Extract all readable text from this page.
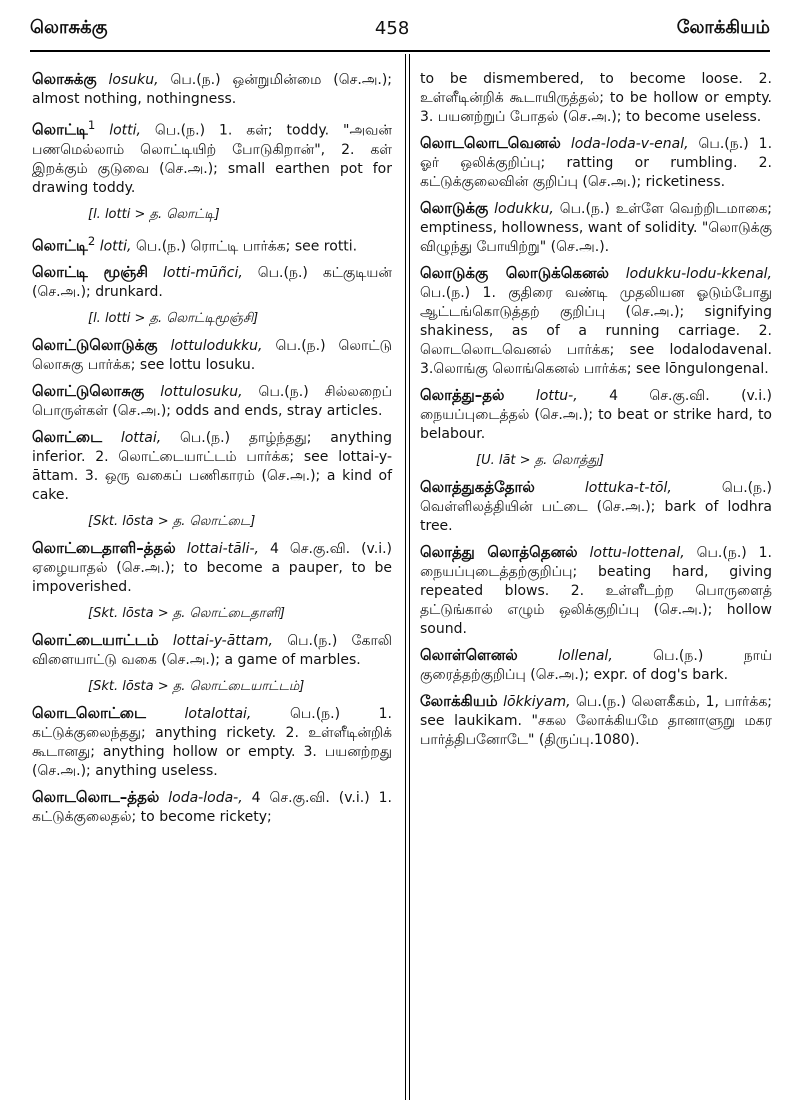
லொசுக்கு	458	லோக்கியம்
லொசுக்கு losuku, பெ.(ந.) ஒன்றுமின்மை (செ.அ.); almost nothing, nothingness.
லொட்டி$^1$ lotti, பெ.(ந.) 1. கள்; toddy. "அவன் பணமெல்லாம் லொட்டியிற் போடுகிறான்", 2. கள் இறக்கும் குடுவை (செ.அ.); small earthen pot for drawing toddy.
[l. lotti > த. லொட்டி]
லொட்டி$^2$ lotti, பெ.(ந.) ரொட்டி பார்க்க; see rotti.
லொட்டி மூஞ்சி lotti-mūñci, பெ.(ந.) கட்குடியன் (செ.அ.); drunkard.
[l. lotti > த. லொட்டிமூஞ்சி]
லொட்டுலொடுக்கு lottulodukku, பெ.(ந.) லொட்டு லொசுகு பார்க்க; see lottu losuku.
லொட்டுலொசுகு lottulosuku, பெ.(ந.) சில்லறைப் பொருள்கள் (செ.அ.); odds and ends, stray articles.
லொட்டை lottai, பெ.(ந.) தாழ்ந்தது; anything inferior. 2. லொட்டையாட்டம் பார்க்க; see lottai-y-āttam. 3. ஒரு வகைப் பணிகாரம் (செ.அ.); a kind of cake.
[Skt. lōsta > த. லொட்டை]
லொட்டைதாளி–த்தல் lottai-tāli-, 4 செ.கு.வி. (v.i.) ஏழையாதல் (செ.அ.); to become a pauper, to be impoverished.
[Skt. lōsta > த. லொட்டைதாளி]
லொட்டையாட்டம் lottai-y-āttam, பெ.(ந.) கோலி விளையாட்டு வகை (செ.அ.); a game of marbles.
[Skt. lōsta > த. லொட்டையாட்டம்]
லொடலொட்டை	lotalottai,	பெ.(ந.)	1. கட்டுக்குலைந்தது; anything rickety. 2. உள்ளீடின்றிக் கூடானது; anything hollow or empty. 3. பயனற்றது (செ.அ.); anything useless.
லொடலொட–த்தல் loda-loda-, 4 செ.கு.வி. (v.i.) 1. கட்டுக்குலைதல்; to become rickety;
to be dismembered, to become loose. 2. உள்ளீடின்றிக் கூடாயிருத்தல்; to be hollow or empty. 3. பயனற்றுப் போதல் (செ.அ.); to become useless.
லொடலொடவெனல் loda-loda-v-enal, பெ.(ந.) 1. ஓர் ஒலிக்குறிப்பு; ratting or rumbling. 2. கட்டுக்குலைவின் குறிப்பு (செ.அ.); ricketiness.
லொடுக்கு lodukku, பெ.(ந.) உள்ளே வெற்றிடமாகை; emptiness, hollowness, want of solidity. "லொடுக்கு விழுந்து போயிற்று" (செ.அ.).
லொடுக்கு லொடுக்கெனல் lodukku-lodu-kkenal, பெ.(ந.) 1. குதிரை வண்டி முதலியன ஓடும்போது ஆட்டங்கொடுத்தற் குறிப்பு (செ.அ.); signifying shakiness, as of a running carriage. 2. லொடலொடவெனல் பார்க்க; see lodalodavenal. 3.லொங்கு லொங்கெனல் பார்க்க; see lōngulongenal.
லொத்து–தல் lottu-, 4 செ.கு.வி. (v.i.) நையப்புடைத்தல் (செ.அ.); to beat or strike hard, to belabour.
[U. lāt > த. லொத்து]
லொத்துகத்தோல்	lottuka-t-tōl,	பெ.(ந.) வெள்ளிலத்தியின் பட்டை (செ.அ.); bark of lodhra tree.
லொத்து லொத்தெனல் lottu-lottenal, பெ.(ந.) 1. நையப்புடைத்தற்குறிப்பு; beating hard, giving repeated blows. 2. உள்ளீடற்ற பொருளைத் தட்டுங்கால் எழும் ஒலிக்குறிப்பு (செ.அ.); hollow sound.
லொள்ளெனல்	lollenal,	பெ.(ந.)	நாய் குரைத்தற்குறிப்பு (செ.அ.); expr. of dog's bark.
லோக்கியம் lōkkiyam, பெ.(ந.) லௌகீகம், 1, பார்க்க; see laukikam. "சகல லோக்கியமே தானாளுறு மகர பார்த்திபனோடே" (திருப்பு.1080).
